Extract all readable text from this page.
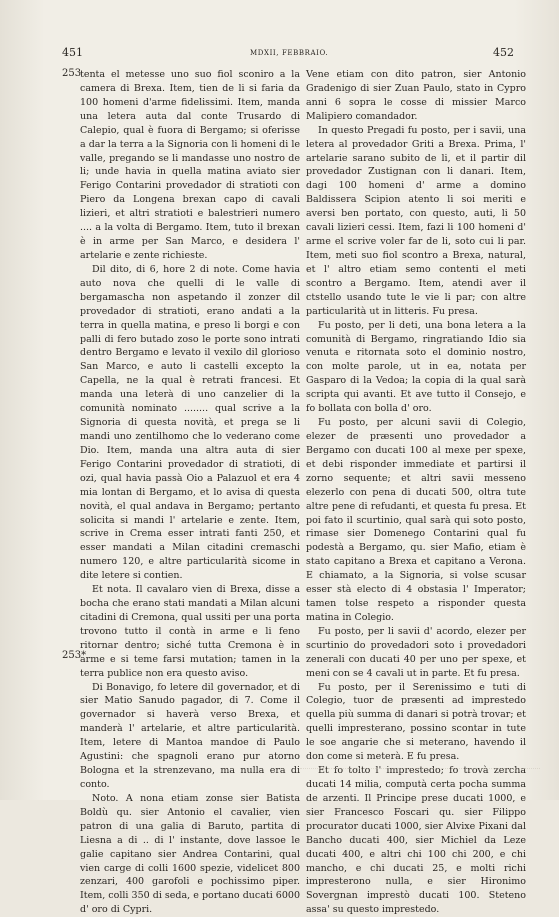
451	MDXII, FEBBRAIO.	452
253
253*

tenta el metesse uno suo fiol sconiro a la camera di Brexa. Item, tien de li si faria da 100 homeni d'arme fidelissimi. Item, manda una letera auta dal conte Trusardo di Calepio, qual è fuora di Bergamo; si oferisse a dar la terra a la Signoria con li homeni di le valle, pregando se li mandasse uno nostro de li; unde havia in quella matina aviato sier Ferigo Contarini provedador di stratioti con Piero da Longena brexan capo di cavali lizieri, et altri stratioti e balestrieri numero .... a la volta di Bergamo. Item, tuto il brexan è in arme per San Marco, e desidera l' artelarie e zente richieste.

Dil dito, di 6, hore 2 di note. Come havia auto nova che quelli di le valle di bergamascha non aspetando il zonzer dil provedador di stratioti, erano andati a la terra in quella matina, e preso li borgi e con palli di fero butado zoso le porte sono intrati dentro Bergamo e levato il vexilo dil glorioso San Marco, e auto li castelli excepto la Capella, ne la qual è retrati francesi. Et manda una leterà di uno canzelier di la comunità nominato ........ qual scrive a la Signoria di questa novità, et prega se li mandi uno zentilhomo che lo vederano come Dio. Item, manda una altra auta di sier Ferigo Contarini provedador di stratioti, di ozi, qual havia passà Oio a Palazuol et era 4 mia lontan di Bergamo, et lo avisa di questa novità, el qual andava in Bergamo; pertanto solicita si mandi l' artelarie e zente. Item, scrive in Crema esser intrati fanti 250, et esser mandati a Milan citadini cremaschi numero 120, e altre particularità sicome in dite letere si contien.

Et nota. Il cavalaro vien di Brexa, disse a bocha che erano stati mandati a Milan alcuni citadini di Cremona, qual ussiti per una porta trovono tutto il contà in arme e li feno ritornar dentro; siché tutta Cremona è in arme e si teme farsi mutation; tamen in la terra publice non era questo aviso.

Di Bonavigo, fo letere dil governador, et di sier Matio Sanudo pagador, di 7. Come il governador si haverà verso Brexa, et manderà l' artelarie, et altre particularità. Item, letere di Mantoa mandoe di Paulo Agustini: che spagnoli erano pur atorno Bologna et la strenzevano, ma nulla era di conto.

Noto. A nona etiam zonse sier Batista Boldù qu. sier Antonio el cavalier, vien patron di una galia di Baruto, partita di Liesna a di .. di l' instante, dove lassoe le galie capitano sier Andrea Contarini, qual vien carge di colli 1600 spezie, videlicet 800 zenzari, 400 garofoli e pochissimo piper. Item, colli 350 di seda, e portano ducati 6000 d' oro di Cypri.

Vene etiam con dito patron, sier Antonio Gradenigo di sier Zuan Paulo, stato in Cypro anni 6 sopra le cosse di missier Marco Malipiero comandador.

In questo Pregadi fu posto, per i savii, una letera al provedador Griti a Brexa. Prima, l' artelarie sarano subito de li, et il partir dil provedador Zustignan con li danari. Item, dagi 100 homeni d' arme a domino Baldissera Scipion atento li soi meriti e aversi ben portato, con questo, auti, li 50 cavali lizieri cessi. Item, fazi li 100 homeni d' arme el scrive voler far de li, soto cui li par. Item, meti suo fiol scontro a Brexa, natural, et l' altro etiam semo contenti el meti scontro a Bergamo. Item, atendi aver il ctstello usando tute le vie li par; con altre particularità ut in litteris. Fu presa.

Fu posto, per li deti, una bona letera a la comunità di Bergamo, ringratiando Idio sia venuta e ritornata soto el dominio nostro, con molte parole, ut in ea, notata per Gasparo di la Vedoa; la copia di la qual sarà scripta qui avanti. Et ave tutto il Consejo, e fo bollata con bolla d' oro.

Fu posto, per alcuni savii di Colegio, elezer de præsenti uno provedador a Bergamo con ducati 100 al mexe per spexe, et debi risponder immediate et partirsi il zorno sequente; et altri savii messeno elezerlo con pena di ducati 500, oltra tute altre pene di refudanti, et questa fu presa. Et poi fato il scurtinio, qual sarà qui soto posto, rimase sier Domenego Contarini qual fu podestà a Bergamo, qu. sier Mafio, etiam è stato capitano a Brexa et capitano a Verona. E chiamato, a la Signoria, si volse scusar esser stà electo di 4 obstasia l' Imperator; tamen tolse respeto a risponder questa matina in Colegio.

Fu posto, per li savii d' acordo, elezer per scurtinio do provedadori soto i provedadori zenerali con ducati 40 per uno per spexe, et meni con se 4 cavali ut in parte. Et fu presa.

Fu posto, per il Serenissimo e tuti di Colegio, tuor de præsenti ad imprestedo quella più summa di danari si potrà trovar; et quelli impresterano, possino scontar in tute le soe angarie che si meterano, havendo il don come si meterà. E fu presa.

Et fo tolto l' imprestedo; fo trovà zercha ducati 14 milia, computà certa pocha summa de arzenti. Il Principe prese ducati 1000, e sier Francesco Foscari qu. sier Filippo procurator ducati 1000, sier Alvixe Pixani dal Bancho ducati 400, sier Michiel da Leze ducati 400, e altri chi 100 chi 200, e chi mancho, e chi ducati 25, e molti richi impresterono nulla, e sier Hironimo Sovergnan imprestò ducati 100. Steteno assa' su questo imprestedo.
